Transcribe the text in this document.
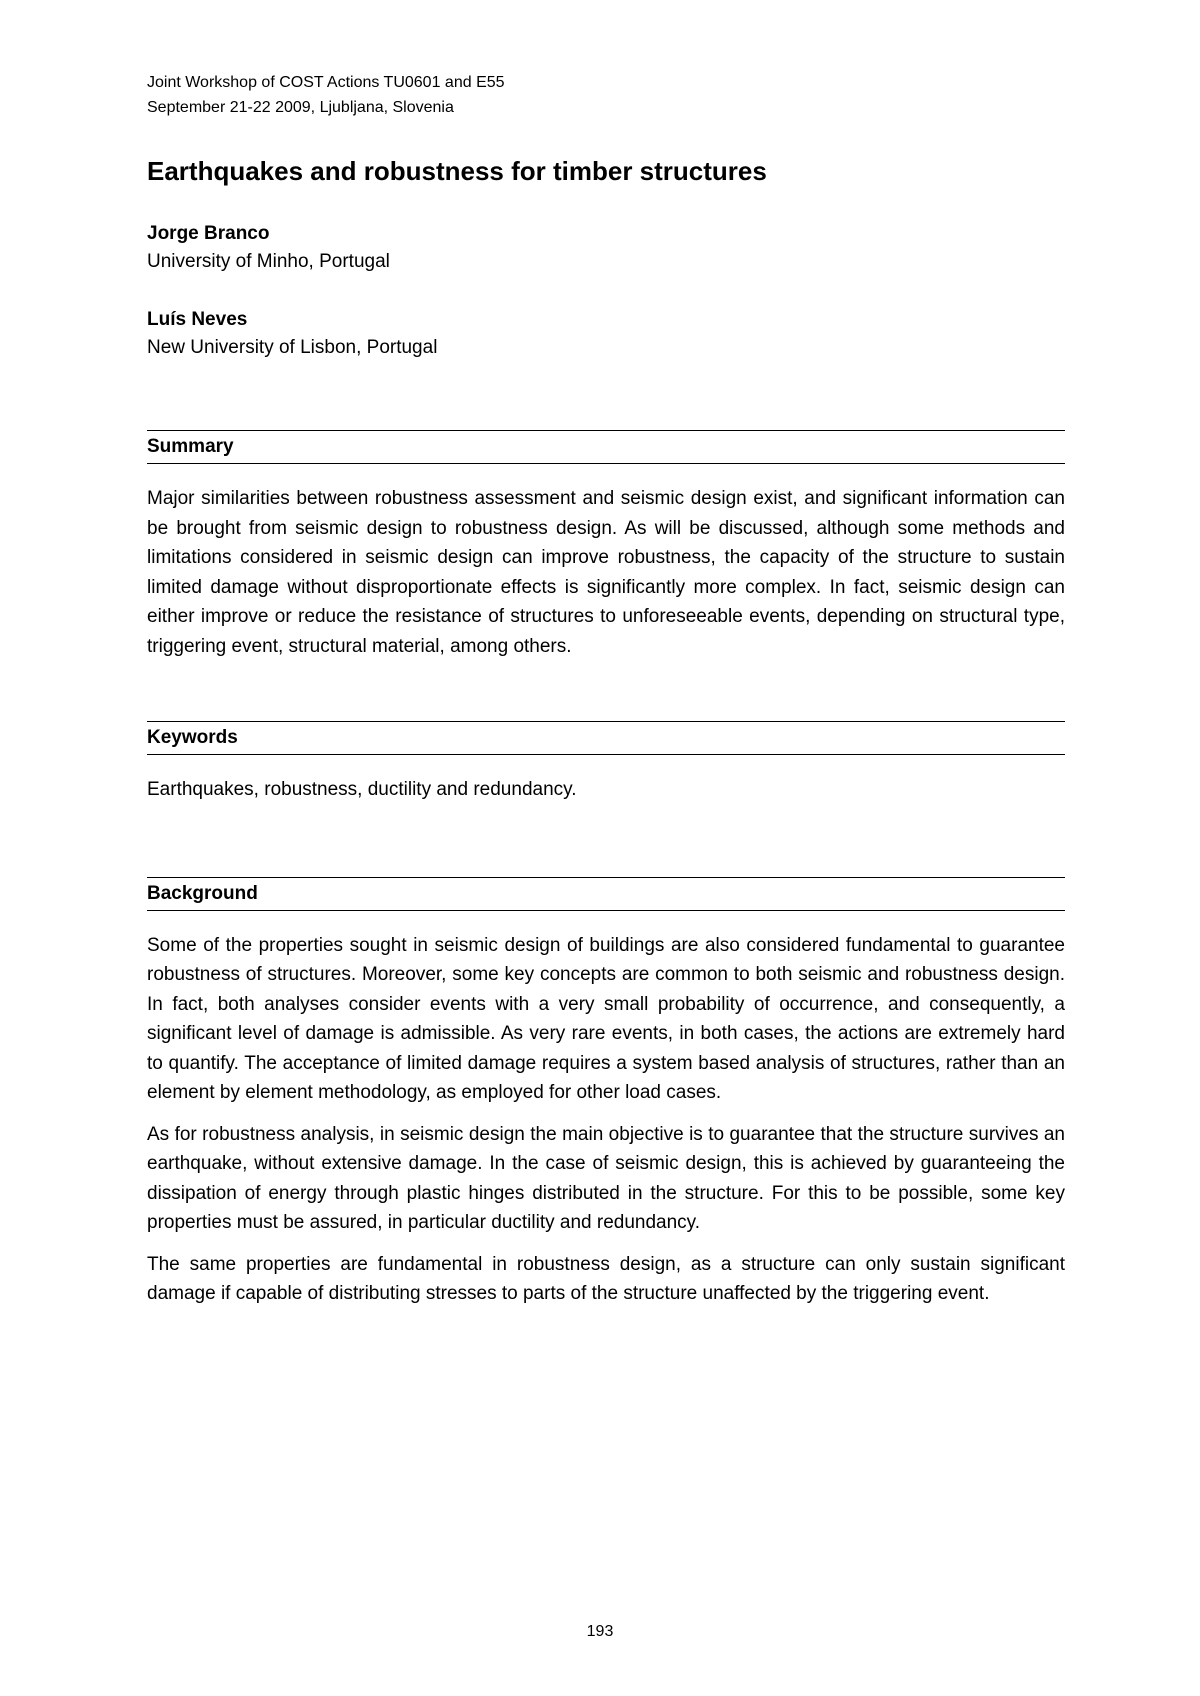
Joint Workshop of COST Actions TU0601 and E55

September 21-22 2009, Ljubljana, Slovenia

Earthquakes and robustness for timber structures

Jorge Branco

University of Minho, Portugal

Luís Neves

New University of Lisbon, Portugal

Summary

Major similarities between robustness assessment and seismic design exist, and significant information can be brought from seismic design to robustness design. As will be discussed, although some methods and limitations considered in seismic design can improve robustness, the capacity of the structure to sustain limited damage without disproportionate effects is significantly more complex. In fact, seismic design can either improve or reduce the resistance of structures to unforeseeable events, depending on structural type, triggering event, structural material, among others.

Keywords

Earthquakes, robustness, ductility and redundancy.

Background

Some of the properties sought in seismic design of buildings are also considered fundamental to guarantee robustness of structures. Moreover, some key concepts are common to both seismic and robustness design. In fact, both analyses consider events with a very small probability of occurrence, and consequently, a significant level of damage is admissible. As very rare events, in both cases, the actions are extremely hard to quantify. The acceptance of limited damage requires a system based analysis of structures, rather than an element by element methodology, as employed for other load cases.

As for robustness analysis, in seismic design the main objective is to guarantee that the structure survives an earthquake, without extensive damage. In the case of seismic design, this is achieved by guaranteeing the dissipation of energy through plastic hinges distributed in the structure. For this to be possible, some key properties must be assured, in particular ductility and redundancy.

The same properties are fundamental in robustness design, as a structure can only sustain significant damage if capable of distributing stresses to parts of the structure unaffected by the triggering event.

193
